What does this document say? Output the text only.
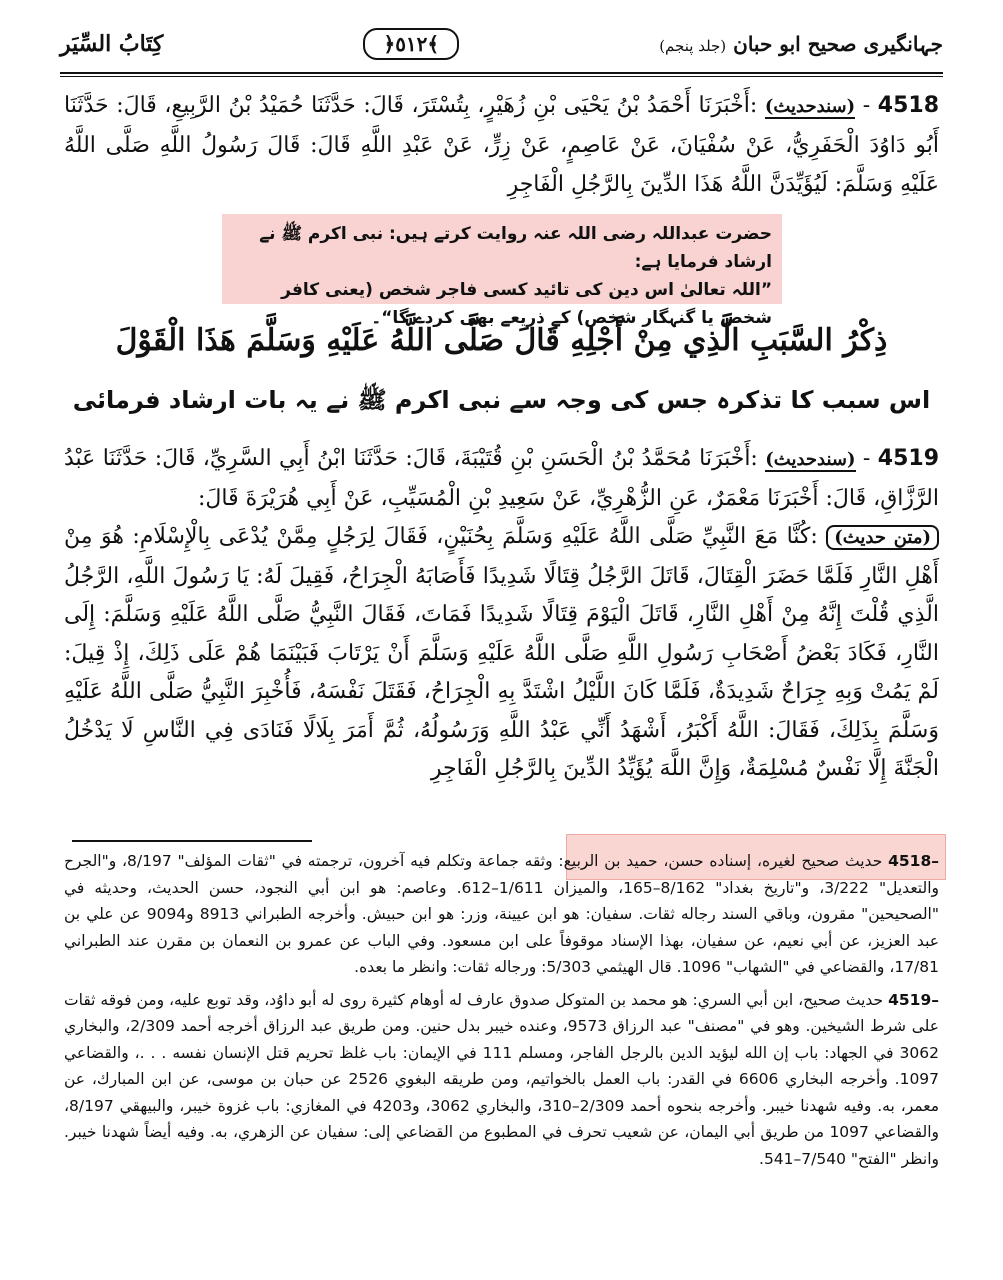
كِتَابُ السِّيَر	﴿٥١٢﴾	جہانگیری صحیح ابو حبان (جلد پنجم)
4518 - (سندحدیث) :أَخْبَرَنَا أَحْمَدُ بْنُ يَحْيَى بْنِ زُهَيْرٍ، بِتُسْتَرَ، قَالَ: حَدَّثَنَا حُمَيْدُ بْنُ الرَّبِيعِ، قَالَ: حَدَّثَنَا أَبُو دَاوُدَ الْحَفَرِيُّ، عَنْ سُفْيَانَ، عَنْ عَاصِمٍ، عَنْ زِرٍّ، عَنْ عَبْدِ اللَّهِ قَالَ: قَالَ رَسُولُ اللَّهِ صَلَّى اللَّهُ عَلَيْهِ وَسَلَّمَ: لَيُؤَيِّدَنَّ اللَّهُ هَذَا الدِّينَ بِالرَّجُلِ الْفَاجِرِ
حضرت عبداللہ رضی اللہ عنہ روایت کرتے ہیں: نبی اکرم ﷺ نے ارشاد فرمایا ہے:
”اللہ تعالیٰ اس دین کی تائید کسی فاجر شخص (یعنی کافر شخص یا گنہگار شخص) کے ذریعے بھی کردے گا“۔
ذِكْرُ السَّبَبِ الَّذِي مِنْ أَجْلِهِ قَالَ صَلَّى اللَّهُ عَلَيْهِ وَسَلَّمَ هَذَا الْقَوْلَ
اس سبب کا تذکرہ جس کی وجہ سے نبی اکرم ﷺ نے یہ بات ارشاد فرمائی
4519 - (سندحدیث) :أَخْبَرَنَا مُحَمَّدُ بْنُ الْحَسَنِ بْنِ قُتَيْبَةَ، قَالَ: حَدَّثَنَا ابْنُ أَبِي السَّرِيِّ، قَالَ: حَدَّثَنَا عَبْدُ الرَّزَّاقِ، قَالَ: أَخْبَرَنَا مَعْمَرٌ، عَنِ الزُّهْرِيِّ، عَنْ سَعِيدِ بْنِ الْمُسَيِّبِ، عَنْ أَبِي هُرَيْرَةَ قَالَ:
(متن حدیث) :كُنَّا مَعَ النَّبِيِّ صَلَّى اللَّهُ عَلَيْهِ وَسَلَّمَ بِحُنَيْنٍ، فَقَالَ لِرَجُلٍ مِمَّنْ يُدْعَى بِالْإِسْلَامِ: هُوَ مِنْ أَهْلِ النَّارِ فَلَمَّا حَضَرَ الْقِتَالَ، قَاتَلَ الرَّجُلُ قِتَالًا شَدِيدًا فَأَصَابَهُ الْجِرَاحُ، فَقِيلَ لَهُ: يَا رَسُولَ اللَّهِ، الرَّجُلُ الَّذِي قُلْتَ إِنَّهُ مِنْ أَهْلِ النَّارِ، قَاتَلَ الْيَوْمَ قِتَالًا شَدِيدًا فَمَاتَ، فَقَالَ النَّبِيُّ صَلَّى اللَّهُ عَلَيْهِ وَسَلَّمَ: إِلَى النَّارِ، فَكَادَ بَعْضُ أَصْحَابِ رَسُولِ اللَّهِ صَلَّى اللَّهُ عَلَيْهِ وَسَلَّمَ أَنْ يَرْتَابَ فَبَيْنَمَا هُمْ عَلَى ذَلِكَ، إِذْ قِيلَ: لَمْ يَمُتْ وَبِهِ جِرَاحٌ شَدِيدَةٌ، فَلَمَّا كَانَ اللَّيْلُ اشْتَدَّ بِهِ الْجِرَاحُ، فَقَتَلَ نَفْسَهُ، فَأُخْبِرَ النَّبِيُّ صَلَّى اللَّهُ عَلَيْهِ وَسَلَّمَ بِذَلِكَ، فَقَالَ: اللَّهُ أَكْبَرُ، أَشْهَدُ أَنِّي عَبْدُ اللَّهِ وَرَسُولُهُ، ثُمَّ أَمَرَ بِلَالًا فَنَادَى فِي النَّاسِ لَا يَدْخُلُ الْجَنَّةَ إِلَّا نَفْسٌ مُسْلِمَةٌ، وَإِنَّ اللَّهَ يُؤَيِّدُ الدِّينَ بِالرَّجُلِ الْفَاجِرِ

4518– حديث صحيح لغيره، إسناده حسن، حميد بن الربيع: وثقه جماعة وتكلم فيه آخرون، ترجمته في "ثقات المؤلف" 8/197، و"الجرح والتعديل" 3/222، و"تاريخ بغداد" 8/162–165، والميزان 1/611–612. وعاصم: هو ابن أبي النجود، حسن الحديث، وحديثه في "الصحيحين" مقرون، وباقي السند رجاله ثقات. سفيان: هو ابن عيينة، وزر: هو ابن حبيش. وأخرجه الطبراني 8913 و9094 عن علي بن عبد العزيز، عن أبي نعيم، عن سفيان، بهذا الإسناد موقوفاً على ابن مسعود. وفي الباب عن عمرو بن النعمان بن مقرن عند الطبراني 17/81، والقضاعي في "الشهاب" 1096. قال الهيثمي 5/303: ورجاله ثقات: وانظر ما بعده.

4519– حديث صحيح، ابن أبي السري: هو محمد بن المتوكل صدوق عارف له أوهام كثيرة روى له أبو داوُد، وقد توبع عليه، ومن فوقه ثقات على شرط الشيخين. وهو في "مصنف" عبد الرزاق 9573، وعنده خيبر بدل حنين. ومن طريق عبد الرزاق أخرجه أحمد 2/309، والبخاري 3062 في الجهاد: باب إن الله ليؤيد الدين بالرجل الفاجر، ومسلم 111 في الإيمان: باب غلظ تحريم قتل الإنسان نفسه . . .، والقضاعي 1097. وأخرجه البخاري 6606 في القدر: باب العمل بالخواتيم، ومن طريقه البغوي 2526 عن حبان بن موسى، عن ابن المبارك، عن معمر، به. وفيه شهدنا خيبر. وأخرجه بنحوه أحمد 2/309–310، والبخاري 3062، و4203 في المغازي: باب غزوة خيبر، والبيهقي 8/197، والقضاعي 1097 من طريق أبي اليمان، عن شعيب تحرف في المطبوع من القضاعي إلى: سفيان عن الزهري، به. وفيه أيضاً شهدنا خيبر. وانظر "الفتح" 7/540–541.
